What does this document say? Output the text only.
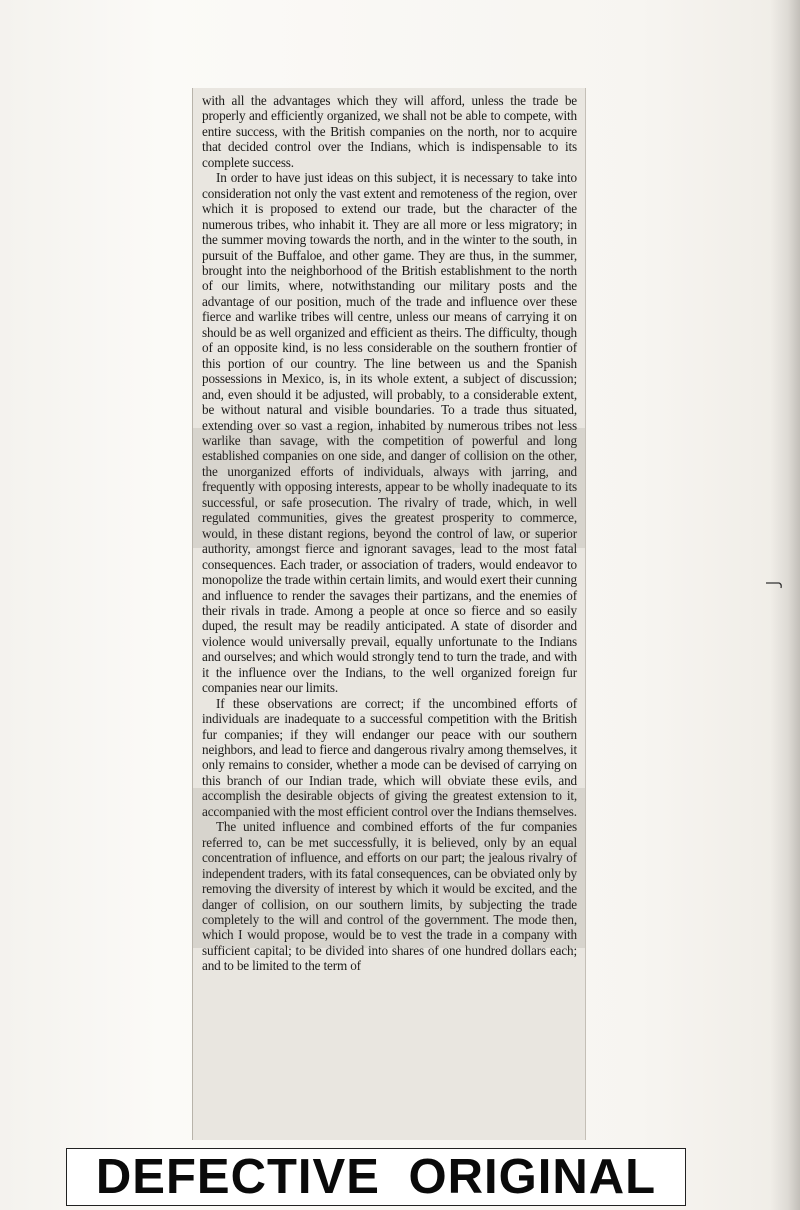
with all the advantages which they will afford, unless the trade be properly and efficiently organized, we shall not be able to compete, with entire success, with the British companies on the north, nor to acquire that decided control over the Indians, which is indispensable to its complete success.

In order to have just ideas on this subject, it is necessary to take into consideration not only the vast extent and remoteness of the region, over which it is proposed to extend our trade, but the character of the numerous tribes, who inhabit it. They are all more or less migratory; in the summer moving towards the north, and in the winter to the south, in pursuit of the Buffaloe, and other game. They are thus, in the summer, brought into the neighborhood of the British establishment to the north of our limits, where, notwithstanding our military posts and the advantage of our position, much of the trade and influence over these fierce and warlike tribes will centre, unless our means of carrying it on should be as well organized and efficient as theirs. The difficulty, though of an opposite kind, is no less considerable on the southern frontier of this portion of our country. The line between us and the Spanish possessions in Mexico, is, in its whole extent, a subject of discussion; and, even should it be adjusted, will probably, to a considerable extent, be without natural and visible boundaries. To a trade thus situated, extending over so vast a region, inhabited by numerous tribes not less warlike than savage, with the competition of powerful and long established companies on one side, and danger of collision on the other, the unorganized efforts of individuals, always with jarring, and frequently with opposing interests, appear to be wholly inadequate to its successful, or safe prosecution. The rivalry of trade, which, in well regulated communities, gives the greatest prosperity to commerce, would, in these distant regions, beyond the control of law, or superior authority, amongst fierce and ignorant savages, lead to the most fatal consequences. Each trader, or association of traders, would endeavor to monopolize the trade within certain limits, and would exert their cunning and influence to render the savages their partizans, and the enemies of their rivals in trade. Among a people at once so fierce and so easily duped, the result may be readily anticipated. A state of disorder and violence would universally prevail, equally unfortunate to the Indians and ourselves; and which would strongly tend to turn the trade, and with it the influence over the Indians, to the well organized foreign fur companies near our limits.

If these observations are correct; if the uncombined efforts of individuals are inadequate to a successful competition with the British fur companies; if they will endanger our peace with our southern neighbors, and lead to fierce and dangerous rivalry among themselves, it only remains to consider, whether a mode can be devised of carrying on this branch of our Indian trade, which will obviate these evils, and accomplish the desirable objects of giving the greatest extension to it, accompanied with the most efficient control over the Indians themselves.

The united influence and combined efforts of the fur companies referred to, can be met successfully, it is believed, only by an equal concentration of influence, and efforts on our part; the jealous rivalry of independent traders, with its fatal consequences, can be obviated only by removing the diversity of interest by which it would be excited, and the danger of collision, on our southern limits, by subjecting the trade completely to the will and control of the government. The mode then, which I would propose, would be to vest the trade in a company with sufficient capital; to be divided into shares of one hundred dollars each; and to be limited to the term of

DEFECTIVE ORIGINAL
